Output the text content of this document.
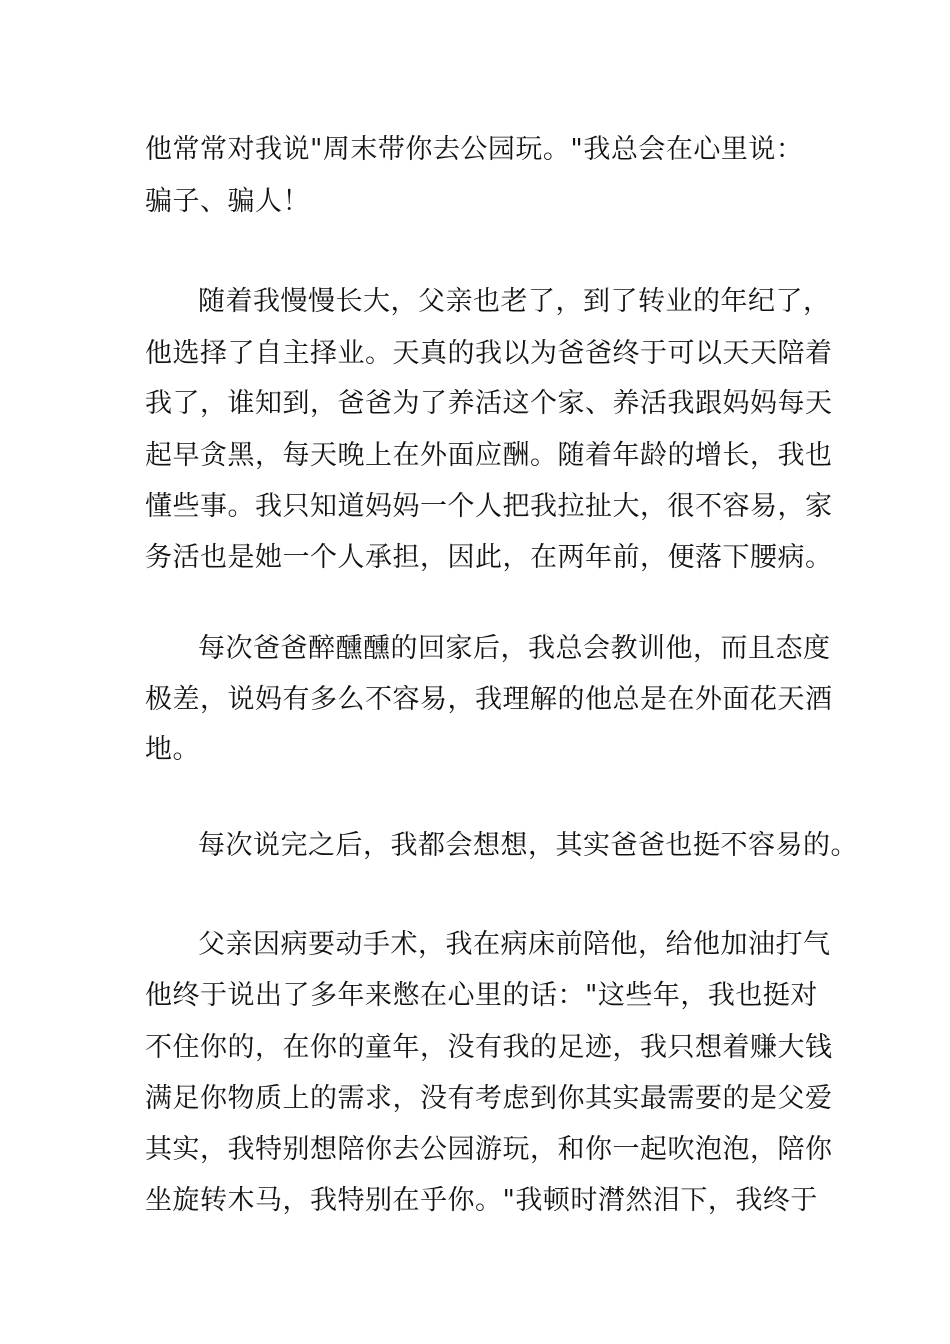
他常常对我说"周末带你去公园玩。"我总会在心里说：
骗子、骗人！
随着我慢慢长大，父亲也老了，到了转业的年纪了，
他选择了自主择业。天真的我以为爸爸终于可以天天陪着
我了，谁知到，爸爸为了养活这个家、养活我跟妈妈每天
起早贪黑，每天晚上在外面应酬。随着年龄的增长，我也
懂些事。我只知道妈妈一个人把我拉扯大，很不容易，家
务活也是她一个人承担，因此，在两年前，便落下腰病。
每次爸爸醉醺醺的回家后，我总会教训他，而且态度
极差，说妈有多么不容易，我理解的他总是在外面花天酒
地。
每次说完之后，我都会想想，其实爸爸也挺不容易的。
父亲因病要动手术，我在病床前陪他，给他加油打气
他终于说出了多年来憋在心里的话："这些年，我也挺对
不住你的，在你的童年，没有我的足迹，我只想着赚大钱
满足你物质上的需求，没有考虑到你其实最需要的是父爱
其实，我特别想陪你去公园游玩，和你一起吹泡泡，陪你
坐旋转木马，我特别在乎你。"我顿时潸然泪下，我终于
